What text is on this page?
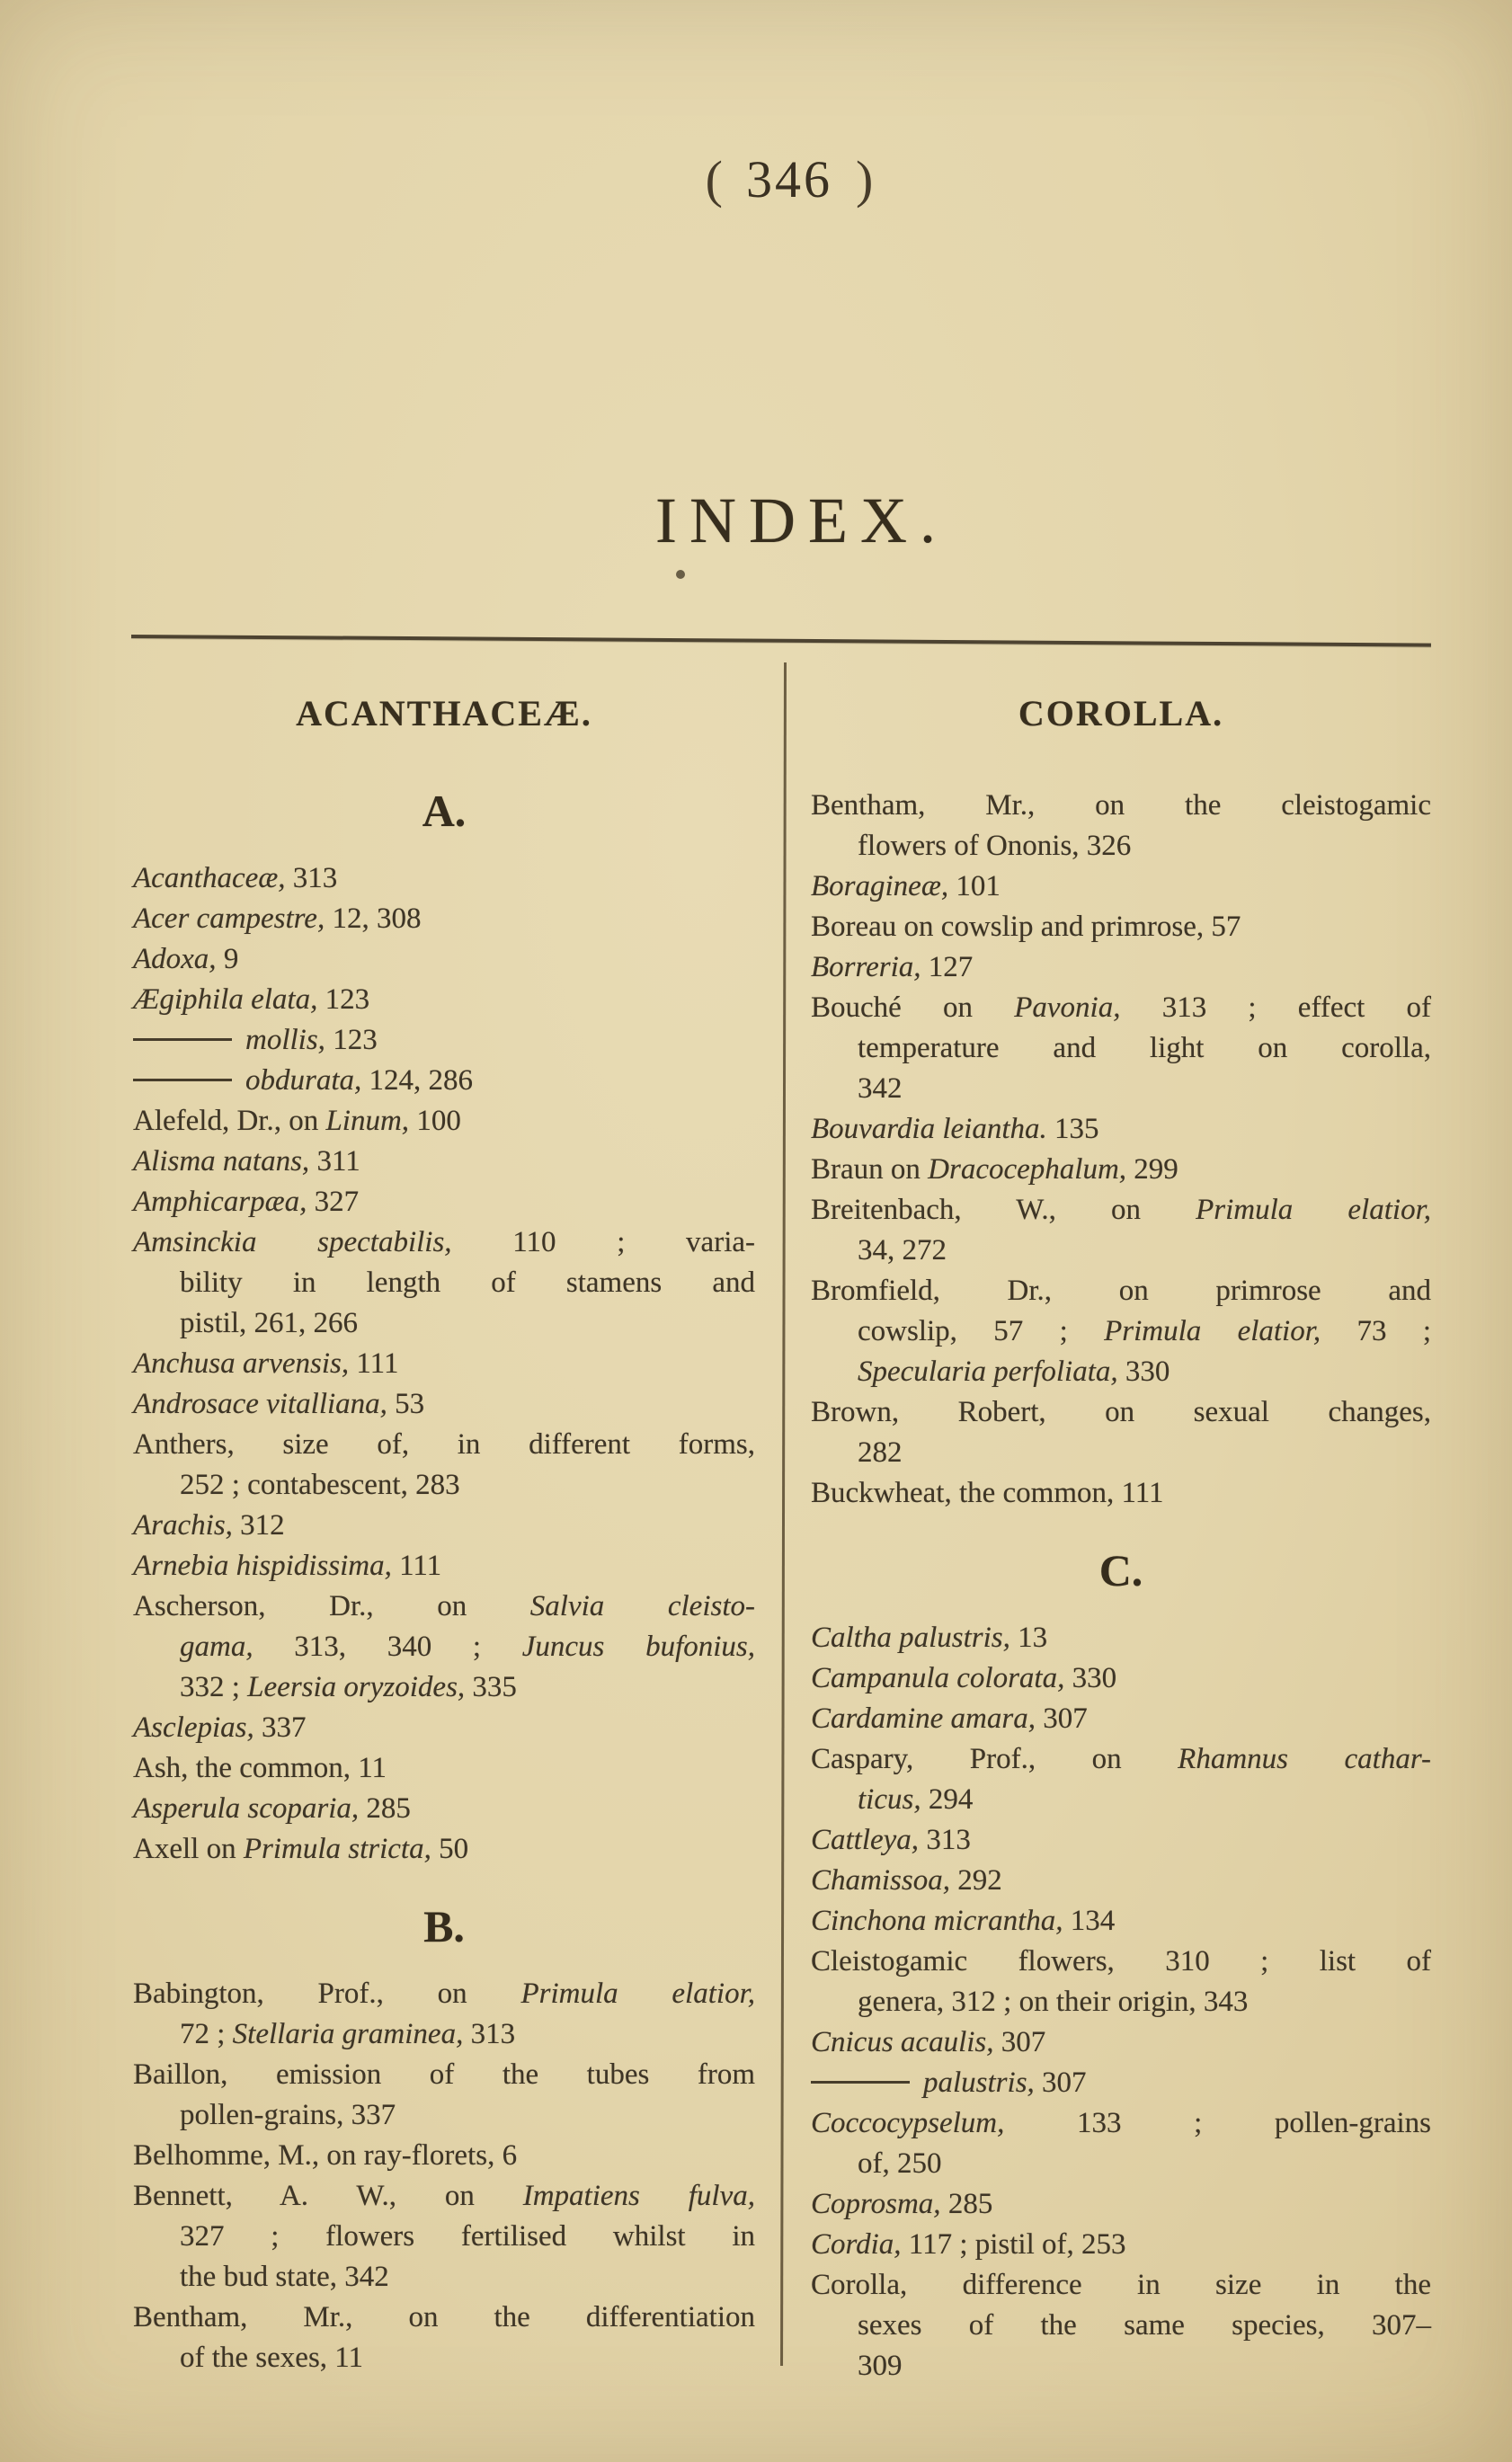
( 346 )
INDEX.
ACANTHACEÆ.
A.
Acanthaceæ, 313
Acer campestre, 12, 308
Adoxa, 9
Ægiphila elata, 123
mollis, 123
obdurata, 124, 286
Alefeld, Dr., on Linum, 100
Alisma natans, 311
Amphicarpæa, 327
Amsinckia spectabilis, 110 ; varia-
bility in length of stamens and
pistil, 261, 266
Anchusa arvensis, 111
Androsace vitalliana, 53
Anthers, size of, in different forms,
252 ; contabescent, 283
Arachis, 312
Arnebia hispidissima, 111
Ascherson, Dr., on Salvia cleisto-
gama, 313, 340 ; Juncus bufonius,
332 ; Leersia oryzoides, 335
Asclepias, 337
Ash, the common, 11
Asperula scoparia, 285
Axell on Primula stricta, 50
B.
Babington, Prof., on Primula elatior,
72 ; Stellaria graminea, 313
Baillon, emission of the tubes from
pollen-grains, 337
Belhomme, M., on ray-florets, 6
Bennett, A. W., on Impatiens fulva,
327 ; flowers fertilised whilst in
the bud state, 342
Bentham, Mr., on the differentiation
of the sexes, 11
COROLLA.
Bentham, Mr., on the cleistogamic
flowers of Ononis, 326
Boragineæ, 101
Boreau on cowslip and primrose, 57
Borreria, 127
Bouché on Pavonia, 313 ; effect of
temperature and light on corolla,
342
Bouvardia leiantha. 135
Braun on Dracocephalum, 299
Breitenbach, W., on Primula elatior,
34, 272
Bromfield, Dr., on primrose and
cowslip, 57 ; Primula elatior, 73 ;
Specularia perfoliata, 330
Brown, Robert, on sexual changes,
282
Buckwheat, the common, 111
C.
Caltha palustris, 13
Campanula colorata, 330
Cardamine amara, 307
Caspary, Prof., on Rhamnus cathar-
ticus, 294
Cattleya, 313
Chamissoa, 292
Cinchona micrantha, 134
Cleistogamic flowers, 310 ; list of
genera, 312 ; on their origin, 343
Cnicus acaulis, 307
palustris, 307
Coccocypselum, 133 ; pollen-grains
of, 250
Coprosma, 285
Cordia, 117 ; pistil of, 253
Corolla, difference in size in the
sexes of the same species, 307–
309
